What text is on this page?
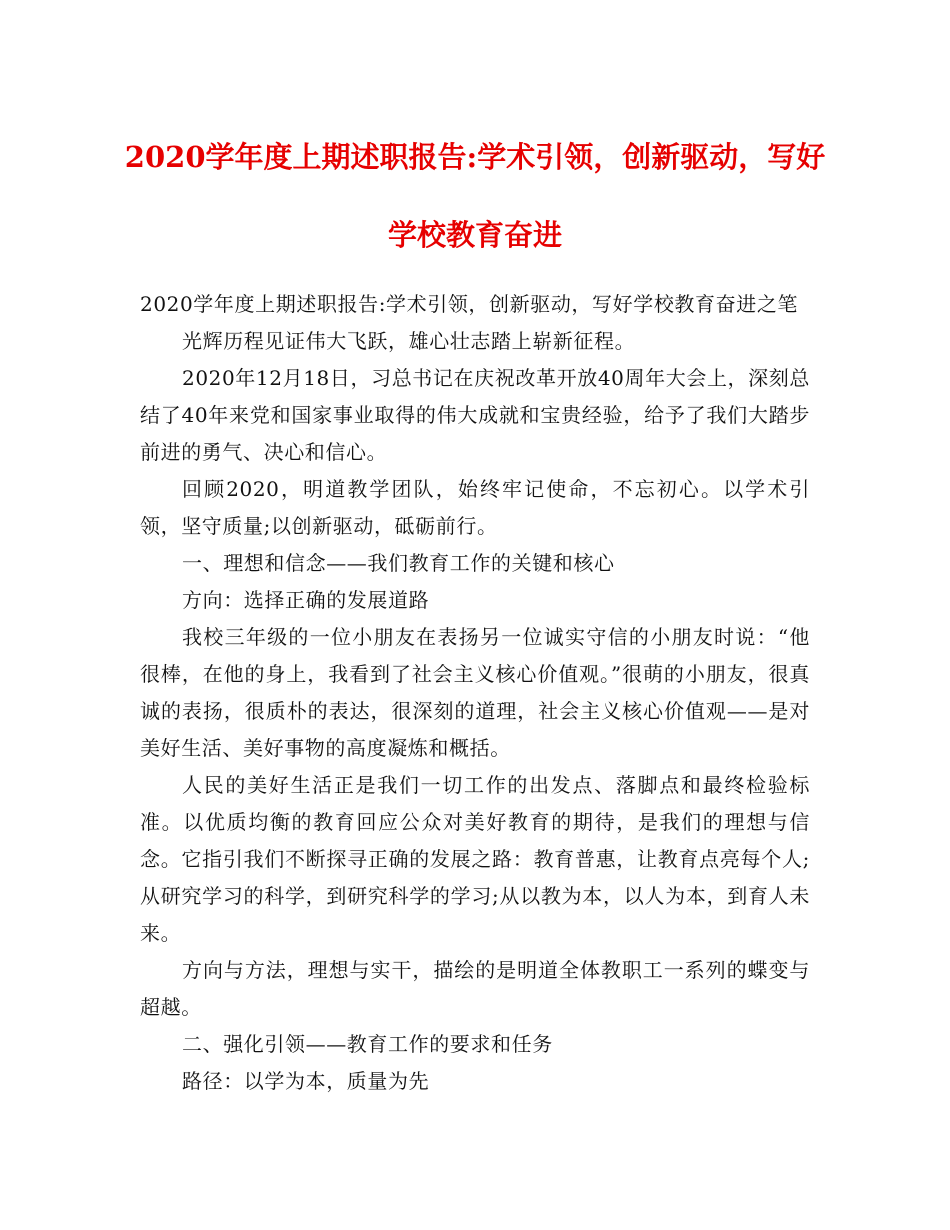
2020学年度上期述职报告:学术引领，创新驱动，写好学校教育奋进

2020学年度上期述职报告:学术引领，创新驱动，写好学校教育奋进之笔

光辉历程见证伟大飞跃，雄心壮志踏上崭新征程。

2020年12月18日，习总书记在庆祝改革开放40周年大会上，深刻总结了40年来党和国家事业取得的伟大成就和宝贵经验，给予了我们大踏步前进的勇气、决心和信心。

回顾2020，明道教学团队，始终牢记使命，不忘初心。以学术引领，坚守质量;以创新驱动，砥砺前行。

一、理想和信念——我们教育工作的关键和核心

方向：选择正确的发展道路

我校三年级的一位小朋友在表扬另一位诚实守信的小朋友时说：“他很棒，在他的身上，我看到了社会主义核心价值观。”很萌的小朋友，很真诚的表扬，很质朴的表达，很深刻的道理，社会主义核心价值观——是对美好生活、美好事物的高度凝炼和概括。

人民的美好生活正是我们一切工作的出发点、落脚点和最终检验标准。以优质均衡的教育回应公众对美好教育的期待，是我们的理想与信念。它指引我们不断探寻正确的发展之路：教育普惠，让教育点亮每个人;从研究学习的科学，到研究科学的学习;从以教为本，以人为本，到育人未来。

方向与方法，理想与实干，描绘的是明道全体教职工一系列的蝶变与超越。

二、强化引领——教育工作的要求和任务

路径：以学为本，质量为先
